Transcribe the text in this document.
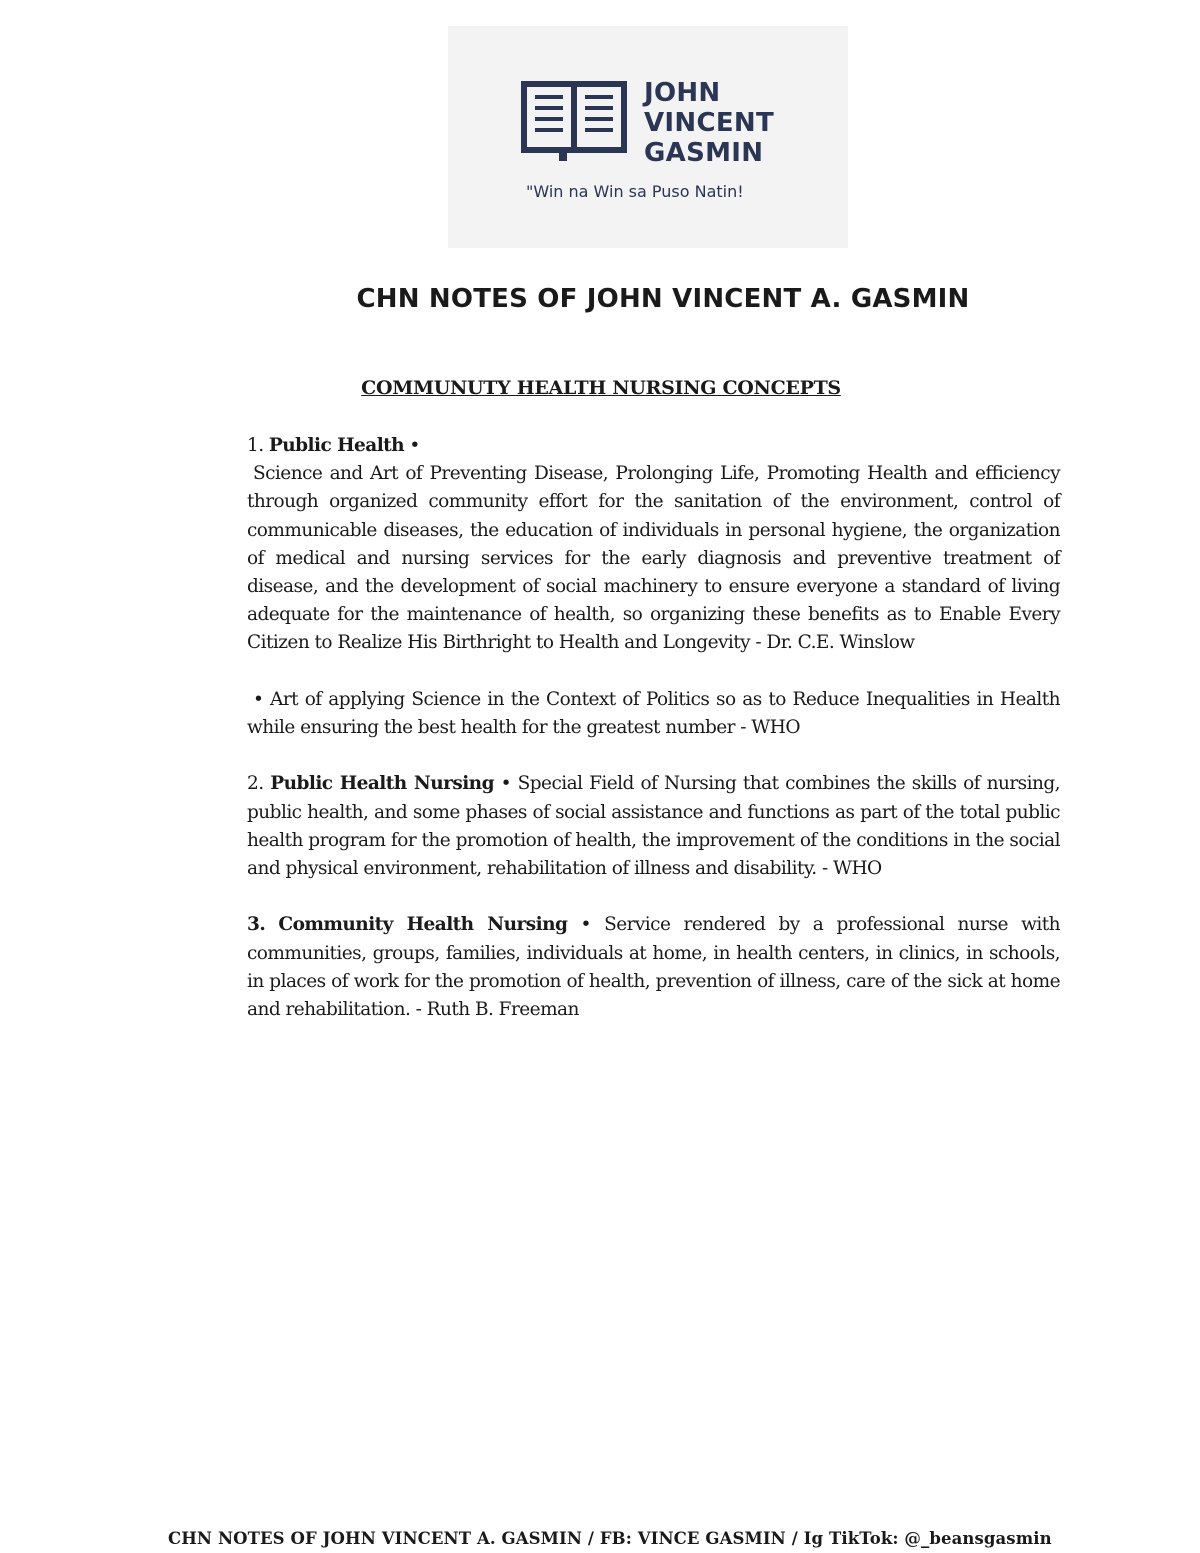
JOHN
VINCENT
GASMIN
"Win na Win sa Puso Natin!
CHN NOTES OF JOHN VINCENT A. GASMIN
COMMUNUTY HEALTH NURSING CONCEPTS
1. Public Health •
Science and Art of Preventing Disease, Prolonging Life, Promoting Health and efficiency through organized community effort for the sanitation of the environment, control of communicable diseases, the education of individuals in personal hygiene, the organization of medical and nursing services for the early diagnosis and preventive treatment of disease, and the development of social machinery to ensure everyone a standard of living adequate for the maintenance of health, so organizing these benefits as to Enable Every Citizen to Realize His Birthright to Health and Longevity - Dr. C.E. Winslow
• Art of applying Science in the Context of Politics so as to Reduce Inequalities in Health while ensuring the best health for the greatest number - WHO
2. Public Health Nursing • Special Field of Nursing that combines the skills of nursing, public health, and some phases of social assistance and functions as part of the total public health program for the promotion of health, the improvement of the conditions in the social and physical environment, rehabilitation of illness and disability. - WHO
3. Community Health Nursing • Service rendered by a professional nurse with communities, groups, families, individuals at home, in health centers, in clinics, in schools, in places of work for the promotion of health, prevention of illness, care of the sick at home and rehabilitation. - Ruth B. Freeman
CHN NOTES OF JOHN VINCENT A. GASMIN / FB: VINCE GASMIN / Ig TikTok: @_beansgasmin
